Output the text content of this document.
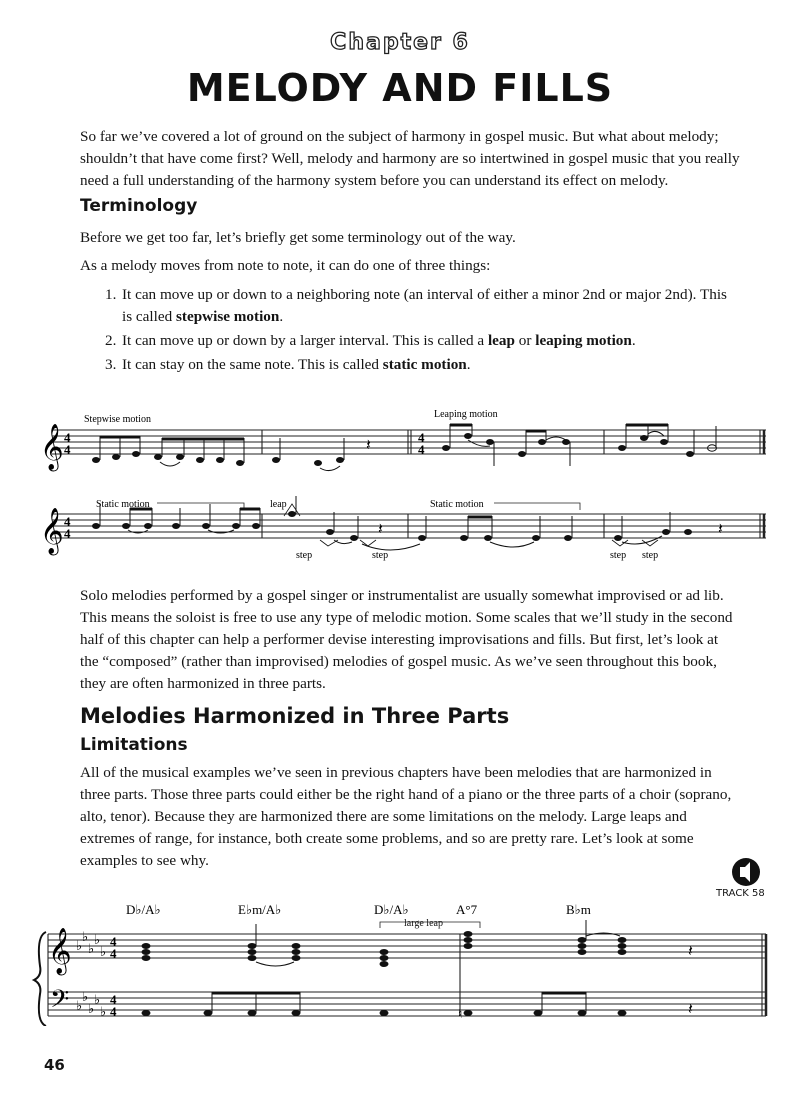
Chapter 6
MELODY AND FILLS

So far we’ve covered a lot of ground on the subject of harmony in gospel music. But what about melody; shouldn’t that have come first? Well, melody and harmony are so intertwined in gospel music that you really need a full understanding of the harmony system before you can understand its effect on melody.

Terminology

Before we get too far, let’s briefly get some terminology out of the way.

As a melody moves from note to note, it can do one of three things:

1. It can move up or down to a neighboring note (an interval of either a minor 2nd or major 2nd). This is called stepwise motion.
2. It can move up or down by a larger interval. This is called a leap or leaping motion.
3. It can stay on the same note. This is called static motion.
Stepwise motion	Leaping motion
𝄞 4
4
4
4
𝄽
Static motion	leap	Static motion
𝄞 4
4	𝄽	𝄽
step	step	step step

Solo melodies performed by a gospel singer or instrumentalist are usually somewhat improvised or ad lib. This means the soloist is free to use any type of melodic motion. Some scales that we’ll study in the second half of this chapter can help a performer devise interesting improvisations and fills. But first, let’s look at the “composed” (rather than improvised) melodies of gospel music. As we’ve seen throughout this book, they are often harmonized in three parts.

Melodies Harmonized in Three Parts
Limitations

All of the musical examples we’ve seen in previous chapters have been melodies that are harmonized in three parts. Those three parts could either be the right hand of a piano or the three parts of a choir (soprano, alto, tenor). Because they are harmonized there are some limitations on the melody. Large leaps and extremes of range, for instance, both create some problems, and so are pretty rare. Let’s look at some examples to see why.

TRACK 58
D♭/A♭	E♭m/A♭	D♭/A♭	A°7	B♭m
large leap
𝄞
𝄢
♭
♭
♭
♭
♭
♭
♭
♭
♭
♭
4
4
4
4
𝄽
♮	𝄽
46
